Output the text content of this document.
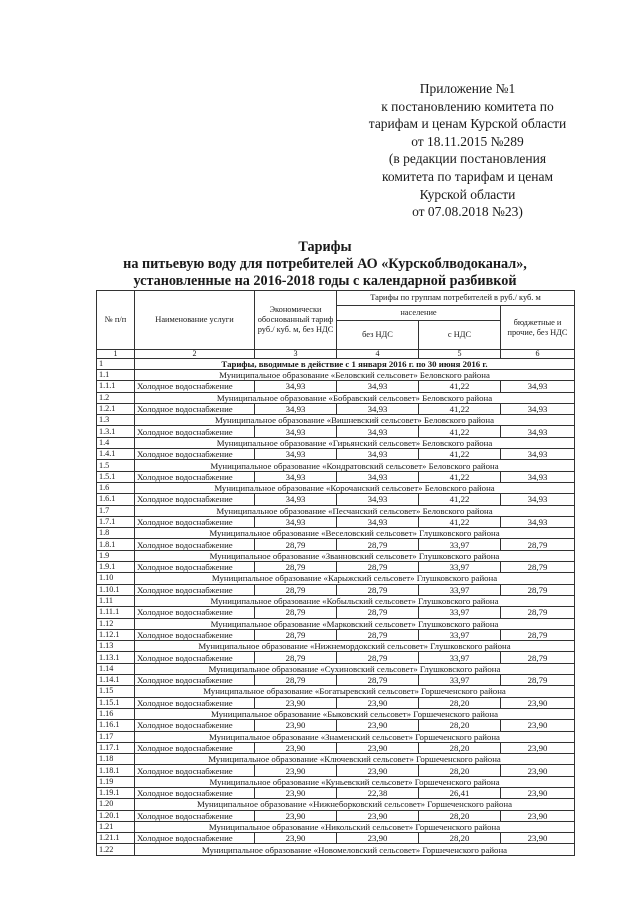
Приложение №1
к постановлению комитета по
тарифам и ценам Курской области
от 18.11.2015 №289
(в редакции постановления
комитета по тарифам и ценам
Курской области
от 07.08.2018 №23)
Тарифы
на питьевую воду для потребителей АО «Курскоблводоканал»,
установленные на 2016-2018 годы с календарной разбивкой
№ п/п	Наименование услуги	Экономически обоснованный тариф руб./ куб. м, без НДС	Тарифы по группам потребителей в руб./ куб. м		
			население		бюджетные и прочие, без НДС
			без НДС	с НДС	
1	2	3	4	5	6
1	Тарифы, вводимые в действие с 1 января 2016 г. по 30 июня 2016 г.				
1.1	Муниципальное образование «Беловский сельсовет» Беловского района				
1.1.1	Холодное водоснабжение	34,93	34,93	41,22	34,93
1.2	Муниципальное образование «Бобравский сельсовет» Беловского района				
1.2.1	Холодное водоснабжение	34,93	34,93	41,22	34,93
1.3	Муниципальное образование «Вишневский сельсовет» Беловского района				
1.3.1	Холодное водоснабжение	34,93	34,93	41,22	34,93
1.4	Муниципальное образование «Гирьянский сельсовет» Беловского района				
1.4.1	Холодное водоснабжение	34,93	34,93	41,22	34,93
1.5	Муниципальное образование «Кондратовский сельсовет» Беловского района				
1.5.1	Холодное водоснабжение	34,93	34,93	41,22	34,93
1.6	Муниципальное образование «Корочанский сельсовет» Беловского района				
1.6.1	Холодное водоснабжение	34,93	34,93	41,22	34,93
1.7	Муниципальное образование «Песчанский сельсовет» Беловского района				
1.7.1	Холодное водоснабжение	34,93	34,93	41,22	34,93
1.8	Муниципальное образование «Веселовский сельсовет» Глушковского района				
1.8.1	Холодное водоснабжение	28,79	28,79	33,97	28,79
1.9	Муниципальное образование «Званновский сельсовет» Глушковского района				
1.9.1	Холодное водоснабжение	28,79	28,79	33,97	28,79
1.10	Муниципальное образование «Карыжский сельсовет» Глушковского района				
1.10.1	Холодное водоснабжение	28,79	28,79	33,97	28,79
1.11	Муниципальное образование «Кобыльский сельсовет» Глушковского района				
1.11.1	Холодное водоснабжение	28,79	28,79	33,97	28,79
1.12	Муниципальное образование «Марковский сельсовет» Глушковского района				
1.12.1	Холодное водоснабжение	28,79	28,79	33,97	28,79
1.13	Муниципальное образование «Нижнемордокский сельсовет» Глушковского района				
1.13.1	Холодное водоснабжение	28,79	28,79	33,97	28,79
1.14	Муниципальное образование «Сухиновский сельсовет» Глушковского района				
1.14.1	Холодное водоснабжение	28,79	28,79	33,97	28,79
1.15	Муниципальное образование «Богатыревский сельсовет» Горшеченского района				
1.15.1	Холодное водоснабжение	23,90	23,90	28,20	23,90
1.16	Муниципальное образование «Быковский сельсовет» Горшеченского района				
1.16.1	Холодное водоснабжение	23,90	23,90	28,20	23,90
1.17	Муниципальное образование «Знаменский сельсовет» Горшеченского района				
1.17.1	Холодное водоснабжение	23,90	23,90	28,20	23,90
1.18	Муниципальное образование «Ключевский сельсовет» Горшеченского района				
1.18.1	Холодное водоснабжение	23,90	23,90	28,20	23,90
1.19	Муниципальное образование «Куньевский сельсовет» Горшеченского района				
1.19.1	Холодное водоснабжение	23,90	22,38	26,41	23,90
1.20	Муниципальное образование «Нижнеборковский сельсовет» Горшеченского района				
1.20.1	Холодное водоснабжение	23,90	23,90	28,20	23,90
1.21	Муниципальное образование «Никольский сельсовет» Горшеченского района				
1.21.1	Холодное водоснабжение	23,90	23,90	28,20	23,90
1.22	Муниципальное образование «Новомеловский сельсовет» Горшеченского района				
